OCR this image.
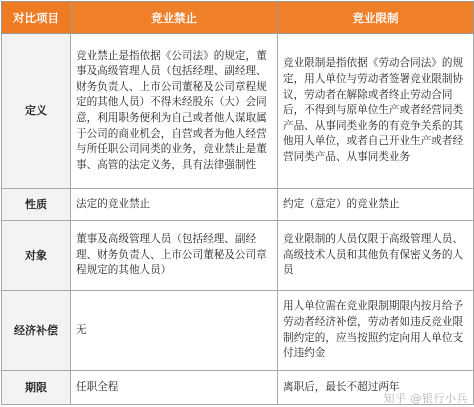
对比项目	竞业禁止	竞业限制
定义	竞业禁止是指依据《公司法》的规定，董事及高级管理人员（包括经理、副经理、财务负责人、上市公司董秘及公司章程规定的其他人员）不得未经股东（大）会同意，利用职务便利为自己或者他人谋取属于公司的商业机会，自营或者为他人经营与所任职公司同类的业务，竞业禁止是董事、高管的法定义务，具有法律强制性	竞业限制是指依据《劳动合同法》的规定，用人单位与劳动者签署竞业限制协议，劳动者在解除或者终止劳动合同后，不得到与原单位生产或者经营同类产品、从事同类业务的有竞争关系的其他用人单位，或者自己开业生产或者经营同类产品、从事同类业务
性质	法定的竞业禁止	约定（意定）的竞业禁止
对象	董事及高级管理人员（包括经理、副经理、财务负责人、上市公司董秘及公司章程规定的其他人员）	竞业限制的人员仅限于高级管理人员、高级技术人员和其他负有保密义务的人员
经济补偿	无	用人单位需在竞业限制期限内按月给予劳动者经济补偿，劳动者如违反竞业限制约定的，应当按照约定向用人单位支付违约金
期限	任职全程	离职后，最长不超过两年
知乎 @银行小兵
